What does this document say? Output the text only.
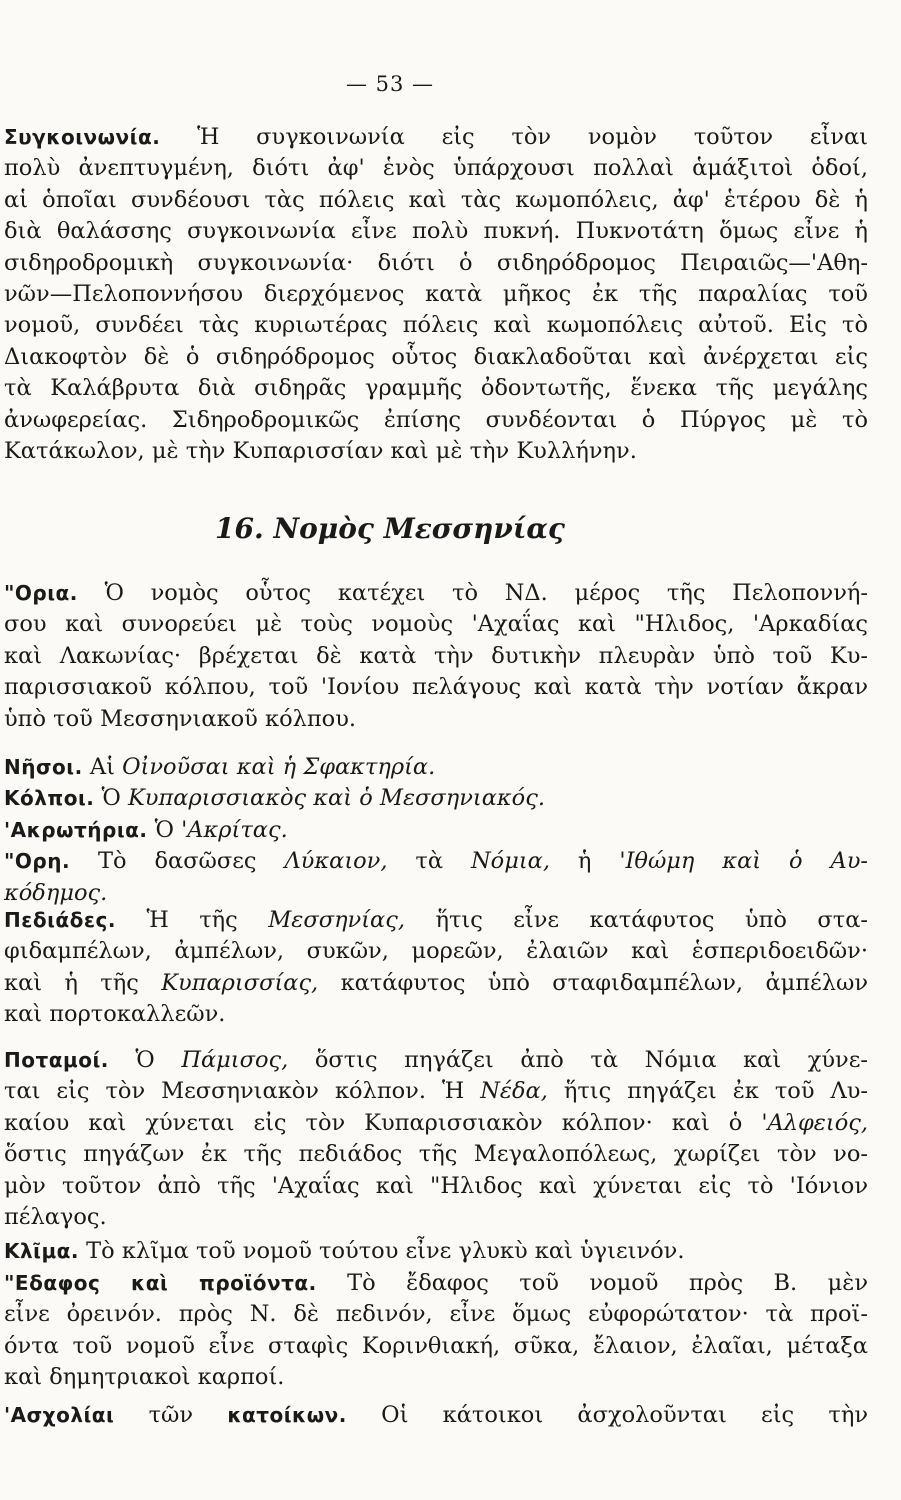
— 53 —
Συγκοινωνία. Ἡ συγκοινωνία εἰς τὸν νομὸν τοῦτον εἶναι
πολὺ ἀνεπτυγμένη, διότι ἀφ' ἑνὸς ὑπάρχουσι πολλαὶ ἁμάξιτοὶ ὁδοί,
αἱ ὁποῖαι συνδέουσι τὰς πόλεις καὶ τὰς κωμοπόλεις, ἀφ' ἑτέρου δὲ ἡ
διὰ θαλάσσης συγκοινωνία εἶνε πολὺ πυκνή. Πυκνοτάτη ὅμως εἶνε ἡ
σιδηροδρομικὴ συγκοινωνία· διότι ὁ σιδηρόδρομος Πειραιῶς—'Αθη-
νῶν—Πελοποννήσου διερχόμενος κατὰ μῆκος ἐκ τῆς παραλίας τοῦ
νομοῦ, συνδέει τὰς κυριωτέρας πόλεις καὶ κωμοπόλεις αὐτοῦ. Εἰς τὸ
Διακοφτὸν δὲ ὁ σιδηρόδρομος οὗτος διακλαδοῦται καὶ ἀνέρχεται εἰς
τὰ Καλάβρυτα διὰ σιδηρᾶς γραμμῆς ὀδοντωτῆς, ἕνεκα τῆς μεγάλης
ἀνωφερείας. Σιδηροδρομικῶς ἐπίσης συνδέονται ὁ Πύργος μὲ τὸ
Κατάκωλον, μὲ τὴν Κυπαρισσίαν καὶ μὲ τὴν Κυλλήνην.
16. Νομὸς Μεσσηνίας
"Ορια. Ὁ νομὸς οὗτος κατέχει τὸ ΝΔ. μέρος τῆς Πελοποννή-
σου καὶ συνορεύει μὲ τοὺς νομοὺς 'Αχαΐας καὶ "Ηλιδος, 'Αρκαδίας
καὶ Λακωνίας· βρέχεται δὲ κατὰ τὴν δυτικὴν πλευρὰν ὑπὸ τοῦ Κυ-
παρισσιακοῦ κόλπου, τοῦ 'Ιονίου πελάγους καὶ κατὰ τὴν νοτίαν ἄκραν
ὑπὸ τοῦ Μεσσηνιακοῦ κόλπου.
Νῆσοι. Αἱ Οἰνοῦσαι καὶ ἡ Σφακτηρία.
Κόλποι. Ὁ Κυπαρισσιακὸς καὶ ὁ Μεσσηνιακός.
'Ακρωτήρια. Ὁ 'Ακρίτας.
"Ορη. Τὸ δασῶσες Λύκαιον, τὰ Νόμια, ἡ 'Ιθώμη καὶ ὁ Αυ-
κόδημος.
Πεδιάδες. Ἡ τῆς Μεσσηνίας, ἥτις εἶνε κατάφυτος ὑπὸ στα-
φιδαμπέλων, ἀμπέλων, συκῶν, μορεῶν, ἐλαιῶν καὶ ἑσπεριδοειδῶν·
καὶ ἡ τῆς Κυπαρισσίας, κατάφυτος ὑπὸ σταφιδαμπέλων, ἀμπέλων
καὶ πορτοκαλλεῶν.
Ποταμοί. Ὁ Πάμισος, ὅστις πηγάζει ἀπὸ τὰ Νόμια καὶ χύνε-
ται εἰς τὸν Μεσσηνιακὸν κόλπον. Ἡ Νέδα, ἥτις πηγάζει ἐκ τοῦ Λυ-
καίου καὶ χύνεται εἰς τὸν Κυπαρισσιακὸν κόλπον· καὶ ὁ 'Αλφειός,
ὅστις πηγάζων ἐκ τῆς πεδιάδος τῆς Μεγαλοπόλεως, χωρίζει τὸν νο-
μὸν τοῦτον ἀπὸ τῆς 'Αχαΐας καὶ "Ηλιδος καὶ χύνεται εἰς τὸ 'Ιόνιον
πέλαγος.
Κλῖμα. Τὸ κλῖμα τοῦ νομοῦ τούτου εἶνε γλυκὺ καὶ ὑγιεινόν.
"Εδαφος καὶ προϊόντα. Τὸ ἔδαφος τοῦ νομοῦ πρὸς Β. μὲν
εἶνε ὀρεινόν. πρὸς Ν. δὲ πεδινόν, εἶνε ὅμως εὐφορώτατον· τὰ προϊ-
όντα τοῦ νομοῦ εἶνε σταφὶς Κορινθιακή, σῦκα, ἔλαιον, ἐλαῖαι, μέταξα
καὶ δημητριακοὶ καρποί.
'Ασχολίαι τῶν κατοίκων. Οἱ κάτοικοι ἀσχολοῦνται εἰς τὴν
